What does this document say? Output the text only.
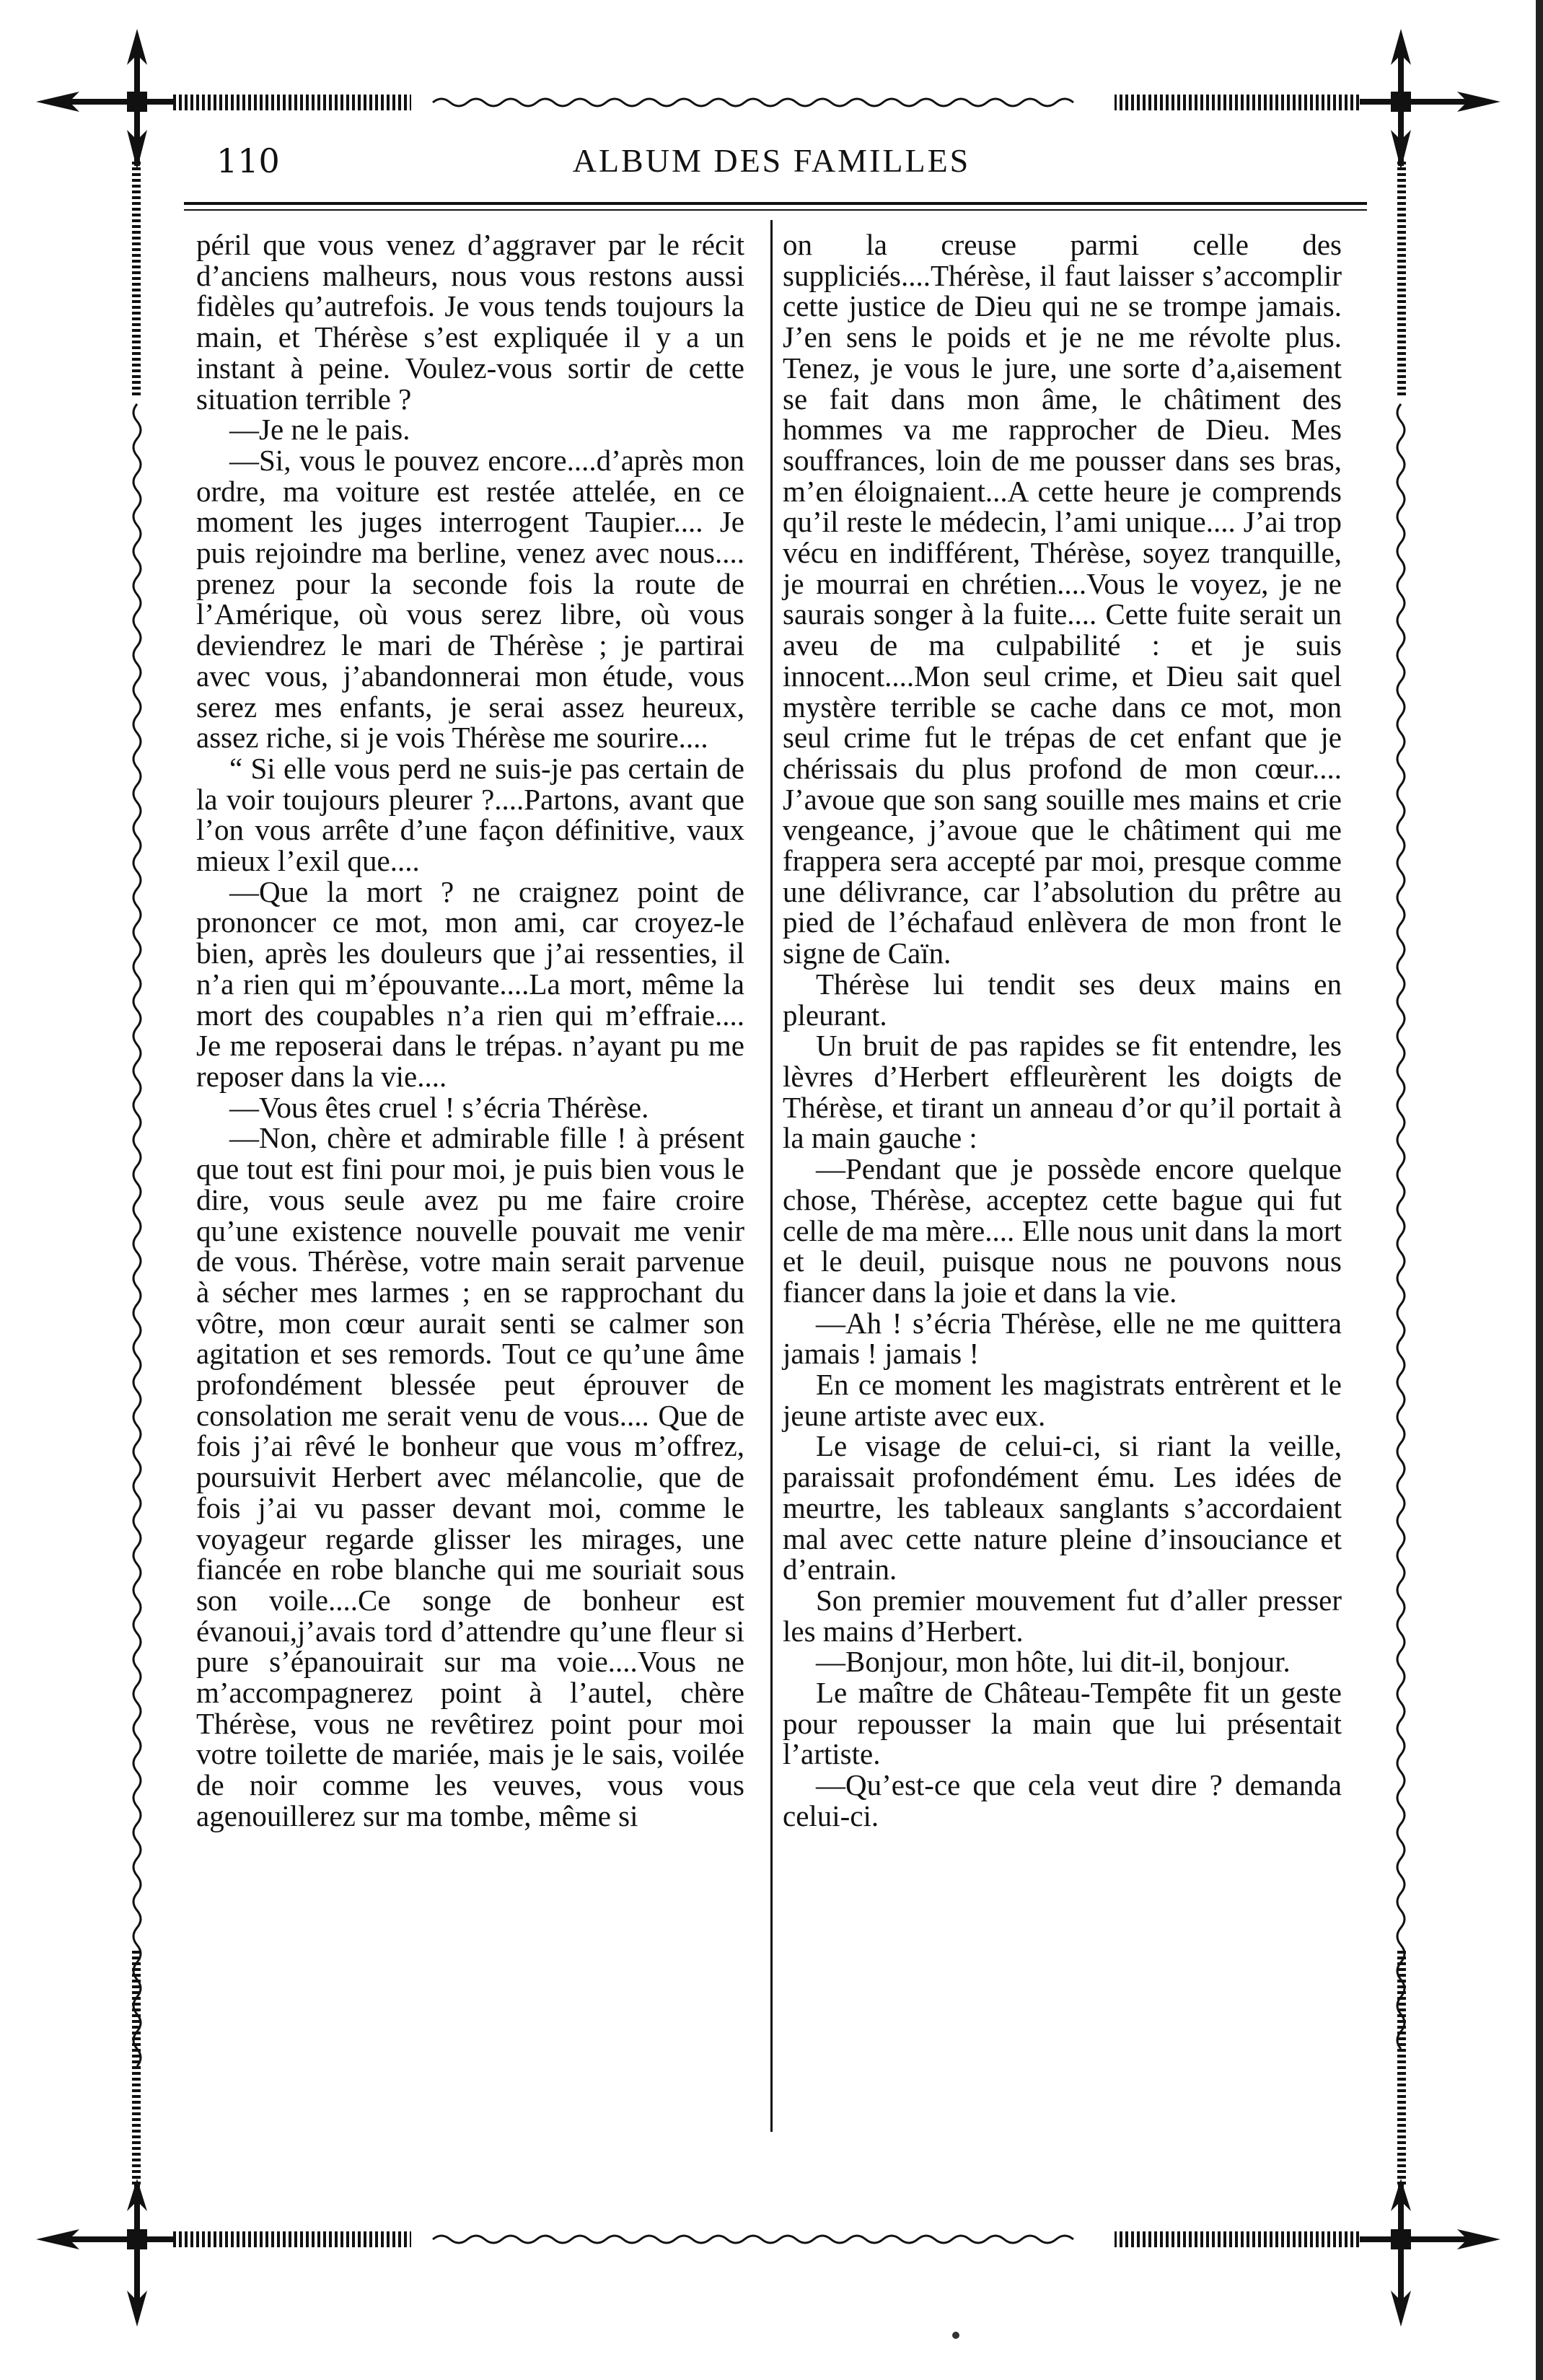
110	ALBUM DES FAMILLES

péril que vous venez d’aggraver par le récit d’anciens malheurs, nous vous restons aussi fidèles qu’autrefois. Je vous tends toujours la main, et Thérèse s’est expliquée il y a un instant à peine. Voulez-vous sortir de cette situation terrible ?

—Je ne le pais.

—Si, vous le pouvez encore....d’après mon ordre, ma voiture est restée attelée, en ce moment les juges interrogent Taupier.... Je puis rejoindre ma berline, venez avec nous.... prenez pour la seconde fois la route de l’Amérique, où vous serez libre, où vous deviendrez le mari de Thérèse ; je partirai avec vous, j’abandonnerai mon étude, vous serez mes enfants, je serai assez heureux, assez riche, si je vois Thérèse me sourire....

“ Si elle vous perd ne suis-je pas certain de la voir toujours pleurer ?....Partons, avant que l’on vous arrête d’une façon définitive, vaux mieux l’exil que....

—Que la mort ? ne craignez point de prononcer ce mot, mon ami, car croyez-le bien, après les douleurs que j’ai ressenties, il n’a rien qui m’épouvante....La mort, même la mort des coupables n’a rien qui m’effraie.... Je me reposerai dans le trépas. n’ayant pu me reposer dans la vie....

—Vous êtes cruel ! s’écria Thérèse.

—Non, chère et admirable fille ! à présent que tout est fini pour moi, je puis bien vous le dire, vous seule avez pu me faire croire qu’une existence nouvelle pouvait me venir de vous. Thérèse, votre main serait parvenue à sécher mes larmes ; en se rapprochant du vôtre, mon cœur aurait senti se calmer son agitation et ses remords. Tout ce qu’une âme profondément blessée peut éprouver de consolation me serait venu de vous.... Que de fois j’ai rêvé le bonheur que vous m’offrez, poursuivit Herbert avec mélancolie, que de fois j’ai vu passer devant moi, comme le voyageur regarde glisser les mirages, une fiancée en robe blanche qui me souriait sous son voile....Ce songe de bonheur est évanoui,j’avais tord d’attendre qu’une fleur si pure s’épanouirait sur ma voie....Vous ne m’accompagnerez point à l’autel, chère Thérèse, vous ne revêtirez point pour moi votre toilette de mariée, mais je le sais, voilée de noir comme les veuves, vous vous agenouillerez sur ma tombe, même si

on la creuse parmi celle des suppliciés....Thérèse, il faut laisser s’accomplir cette justice de Dieu qui ne se trompe jamais. J’en sens le poids et je ne me révolte plus. Tenez, je vous le jure, une sorte d’a,aisement se fait dans mon âme, le châtiment des hommes va me rapprocher de Dieu. Mes souffrances, loin de me pousser dans ses bras, m’en éloignaient...A cette heure je comprends qu’il reste le médecin, l’ami unique.... J’ai trop vécu en indifférent, Thérèse, soyez tranquille, je mourrai en chrétien....Vous le voyez, je ne saurais songer à la fuite.... Cette fuite serait un aveu de ma culpabilité : et je suis innocent....Mon seul crime, et Dieu sait quel mystère terrible se cache dans ce mot, mon seul crime fut le trépas de cet enfant que je chérissais du plus profond de mon cœur.... J’avoue que son sang souille mes mains et crie vengeance, j’avoue que le châtiment qui me frappera sera accepté par moi, presque comme une délivrance, car l’absolution du prêtre au pied de l’échafaud enlèvera de mon front le signe de Caïn.

Thérèse lui tendit ses deux mains en pleurant.

Un bruit de pas rapides se fit entendre, les lèvres d’Herbert effleurèrent les doigts de Thérèse, et tirant un anneau d’or qu’il portait à la main gauche :

—Pendant que je possède encore quelque chose, Thérèse, acceptez cette bague qui fut celle de ma mère.... Elle nous unit dans la mort et le deuil, puisque nous ne pouvons nous fiancer dans la joie et dans la vie.

—Ah ! s’écria Thérèse, elle ne me quittera jamais ! jamais !

En ce moment les magistrats entrèrent et le jeune artiste avec eux.

Le visage de celui-ci, si riant la veille, paraissait profondément ému. Les idées de meurtre, les tableaux sanglants s’accordaient mal avec cette nature pleine d’insouciance et d’entrain.

Son premier mouvement fut d’aller presser les mains d’Herbert.

—Bonjour, mon hôte, lui dit-il, bonjour.

Le maître de Château-Tempête fit un geste pour repousser la main que lui présentait l’artiste.

—Qu’est-ce que cela veut dire ? demanda celui-ci.
